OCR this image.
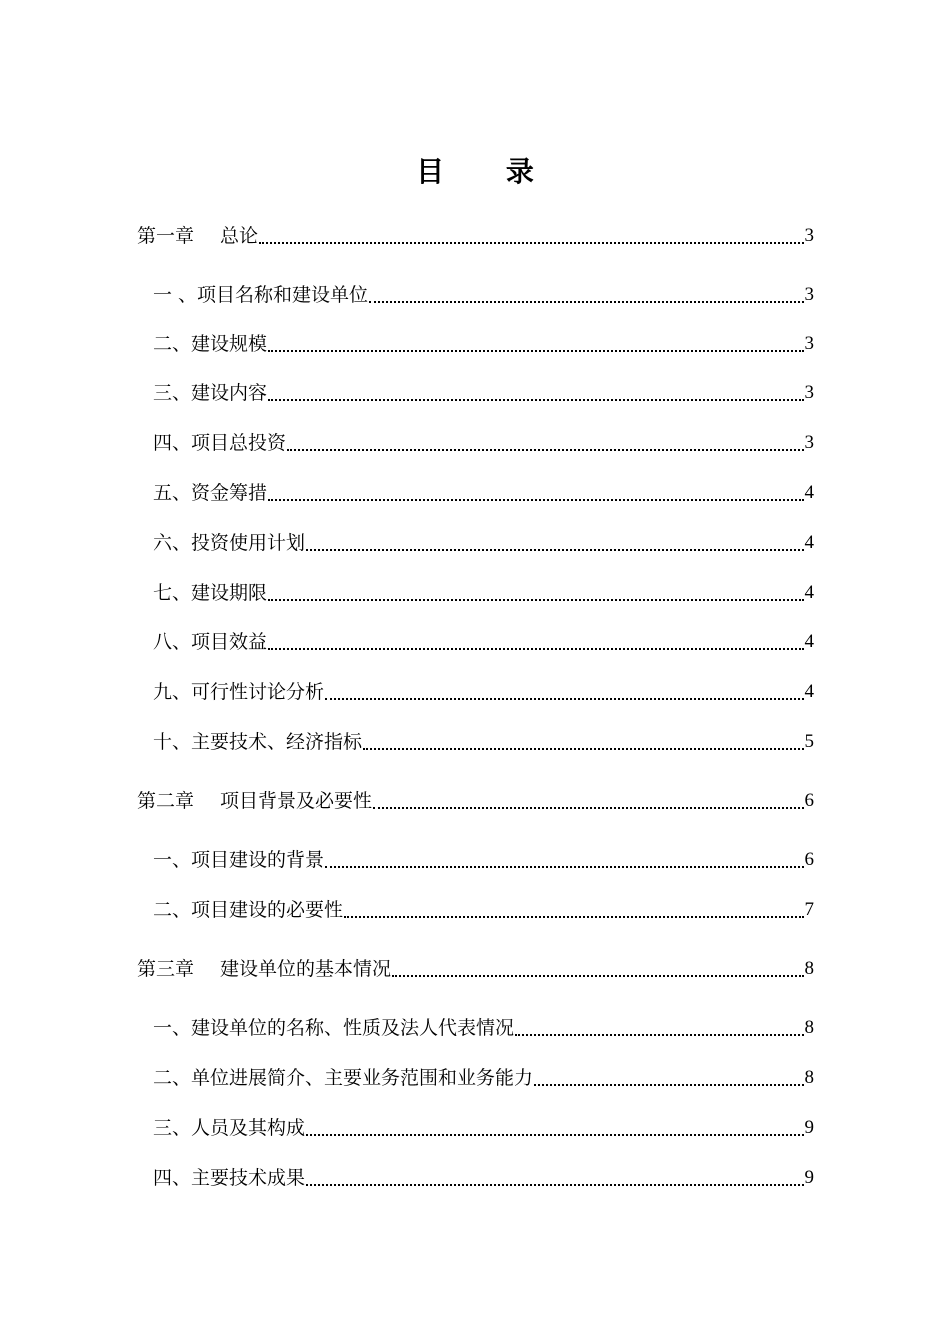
目 录
第一章 总论	3
一 、项目名称和建设单位	3
二、建设规模	3
三、建设内容	3
四、项目总投资	3
五、资金筹措	4
六、投资使用计划	4
七、建设期限	4
八、项目效益	4
九、可行性讨论分析	4
十、主要技术、经济指标	5
第二章 项目背景及必要性	6
一、项目建设的背景	6
二、项目建设的必要性	7
第三章 建设单位的基本情况	8
一、建设单位的名称、性质及法人代表情况	8
二、单位进展简介、主要业务范围和业务能力	8
三、人员及其构成	9
四、主要技术成果	9
